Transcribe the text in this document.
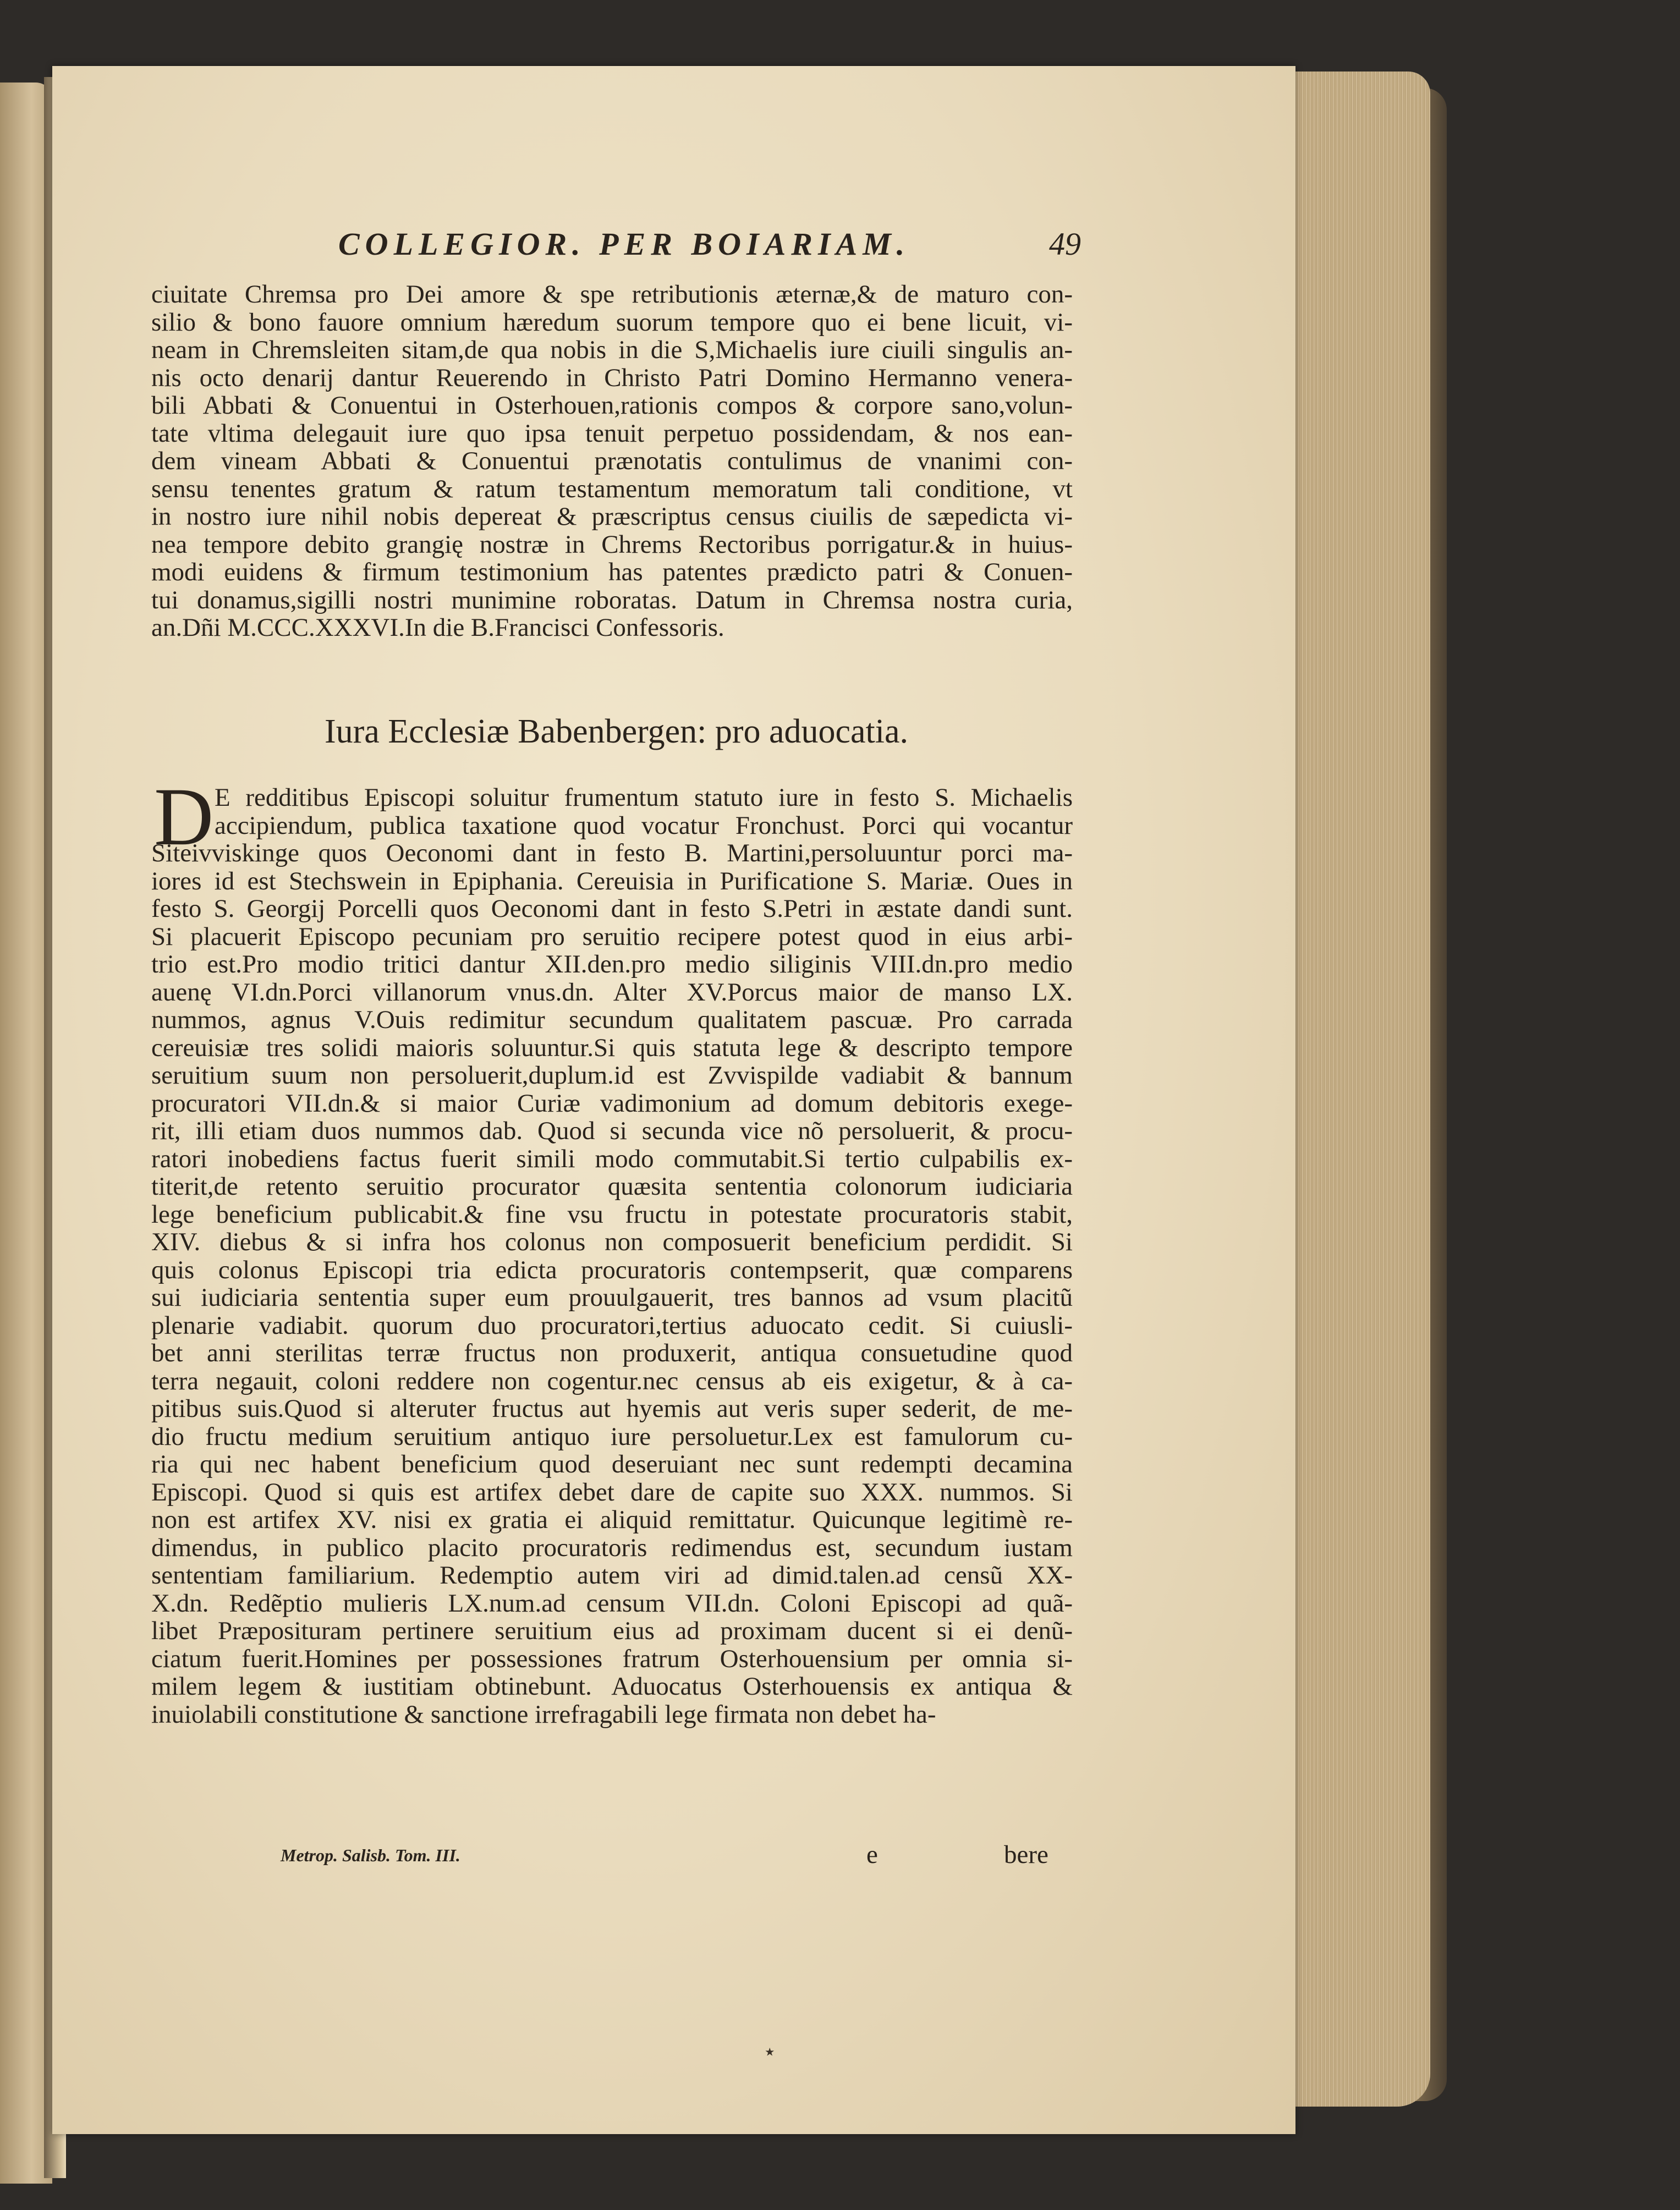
COLLEGIOR. PER BOIARIAM.	49
ciuitate Chremsa pro Dei amore & spe retributionis æternæ,& de maturo con-
silio & bono fauore omnium hæredum suorum tempore quo ei bene licuit, vi-
neam in Chremsleiten sitam,de qua nobis in die S,Michaelis iure ciuili singulis an-
nis octo denarij dantur Reuerendo in Christo Patri Domino Hermanno venera-
bili Abbati & Conuentui in Osterhouen,rationis compos & corpore sano,volun-
tate vltima delegauit iure quo ipsa tenuit perpetuo possidendam, & nos ean-
dem vineam Abbati & Conuentui prænotatis contulimus de vnanimi con-
sensu tenentes gratum & ratum testamentum memoratum tali conditione, vt
in nostro iure nihil nobis depereat & præscriptus census ciuilis de sæpedicta vi-
nea tempore debito grangię nostræ in Chrems Rectoribus porrigatur.& in huius-
modi euidens & firmum testimonium has patentes prædicto patri & Conuen-
tui donamus,sigilli nostri munimine roboratas. Datum in Chremsa nostra curia,
an.Dñi M.CCC.XXXVI.In die B.Francisci Confessoris.
Iura Ecclesiæ Babenbergen: pro aduocatia.
D E redditibus Episcopi soluitur frumentum statuto iure in festo S. Michaelis
accipiendum, publica taxatione quod vocatur Fronchust. Porci qui vocantur
Siteivviskinge quos Oeconomi dant in festo B. Martini,persoluuntur porci ma-
iores id est Stechswein in Epiphania. Cereuisia in Purificatione S. Mariæ. Oues in
festo S. Georgij Porcelli quos Oeconomi dant in festo S.Petri in æstate dandi sunt.
Si placuerit Episcopo pecuniam pro seruitio recipere potest quod in eius arbi-
trio est.Pro modio tritici dantur XII.den.pro medio siliginis VIII.dn.pro medio
auenę VI.dn.Porci villanorum vnus.dn. Alter XV.Porcus maior de manso LX.
nummos, agnus V.Ouis redimitur secundum qualitatem pascuæ. Pro carrada
cereuisiæ tres solidi maioris soluuntur.Si quis statuta lege & descripto tempore
seruitium suum non persoluerit,duplum.id est Zvvispilde vadiabit & bannum
procuratori VII.dn.& si maior Curiæ vadimonium ad domum debitoris exege-
rit, illi etiam duos nummos dab. Quod si secunda vice nõ persoluerit, & procu-
ratori inobediens factus fuerit simili modo commutabit.Si tertio culpabilis ex-
titerit,de retento seruitio procurator quæsita sententia colonorum iudiciaria
lege beneficium publicabit.& fine vsu fructu in potestate procuratoris stabit,
XIV. diebus & si infra hos colonus non composuerit beneficium perdidit. Si
quis colonus Episcopi tria edicta procuratoris contempserit, quæ comparens
sui iudiciaria sententia super eum prouulgauerit, tres bannos ad vsum placitũ
plenarie vadiabit. quorum duo procuratori,tertius aduocato cedit. Si cuiusli-
bet anni sterilitas terræ fructus non produxerit, antiqua consuetudine quod
terra negauit, coloni reddere non cogentur.nec census ab eis exigetur, & à ca-
pitibus suis.Quod si alteruter fructus aut hyemis aut veris super sederit, de me-
dio fructu medium seruitium antiquo iure persoluetur.Lex est famulorum cu-
ria qui nec habent beneficium quod deseruiant nec sunt redempti decamina
Episcopi. Quod si quis est artifex debet dare de capite suo XXX. nummos. Si
non est artifex XV. nisi ex gratia ei aliquid remittatur. Quicunque legitimè re-
dimendus, in publico placito procuratoris redimendus est, secundum iustam
sententiam familiarium. Redemptio autem viri ad dimid.talen.ad censũ XX-
X.dn. Redẽptio mulieris LX.num.ad censum VII.dn. Coloni Episcopi ad quã-
libet Præposituram pertinere seruitium eius ad proximam ducent si ei denũ-
ciatum fuerit.Homines per possessiones fratrum Osterhouensium per omnia si-
milem legem & iustitiam obtinebunt. Aduocatus Osterhouensis ex antiqua &
inuiolabili constitutione & sanctione irrefragabili lege firmata non debet ha-
Metrop. Salisb. Tom. III.	e	bere
٭
